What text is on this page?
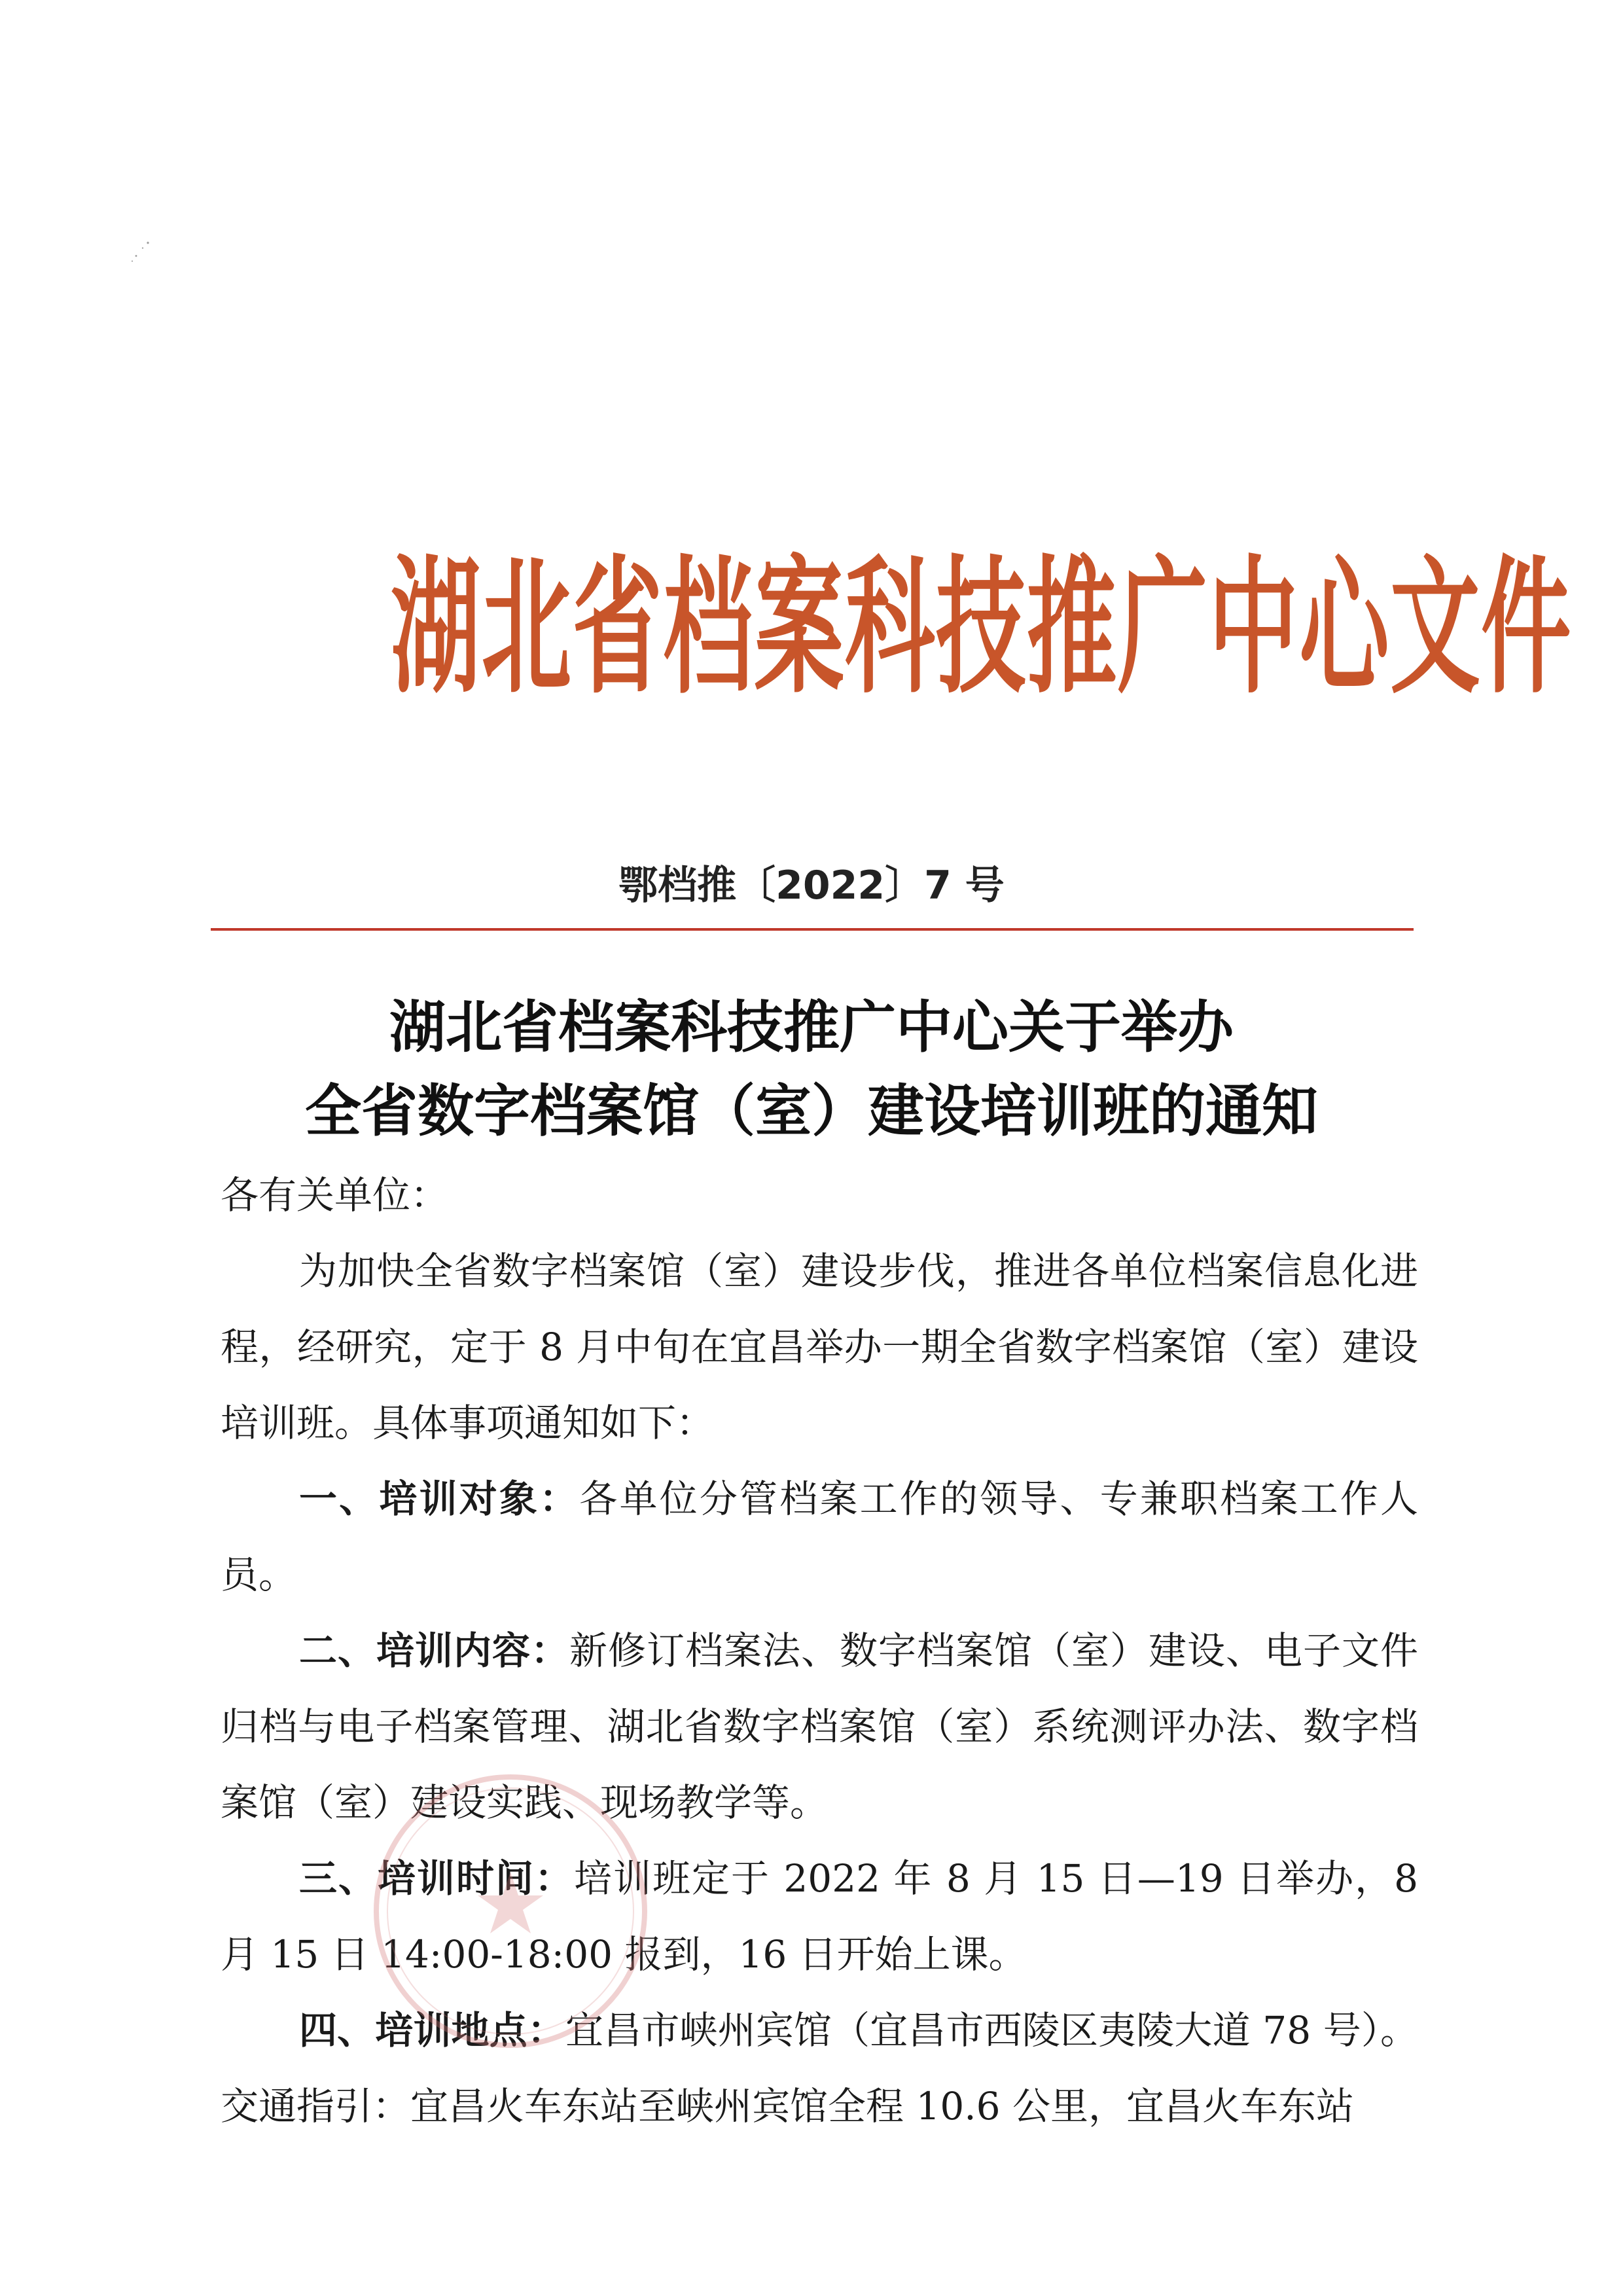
湖北省档案科技推广中心文件
鄂档推〔2022〕7 号
湖北省档案科技推广中心关于举办
全省数字档案馆（室）建设培训班的通知

各有关单位：

为加快全省数字档案馆（室）建设步伐，推进各单位档案信息化进程，经研究，定于 8 月中旬在宜昌举办一期全省数字档案馆（室）建设培训班。具体事项通知如下：

一、培训对象：各单位分管档案工作的领导、专兼职档案工作人员。

二、培训内容：新修订档案法、数字档案馆（室）建设、电子文件归档与电子档案管理、湖北省数字档案馆（室）系统测评办法、数字档案馆（室）建设实践、现场教学等。

三、培训时间：培训班定于 2022 年 8 月 15 日—19 日举办，8 月 15 日 14:00-18:00 报到，16 日开始上课。

四、培训地点：宜昌市峡州宾馆（宜昌市西陵区夷陵大道 78 号）。交通指引：宜昌火车东站至峡州宾馆全程 10.6 公里，宜昌火车东站
